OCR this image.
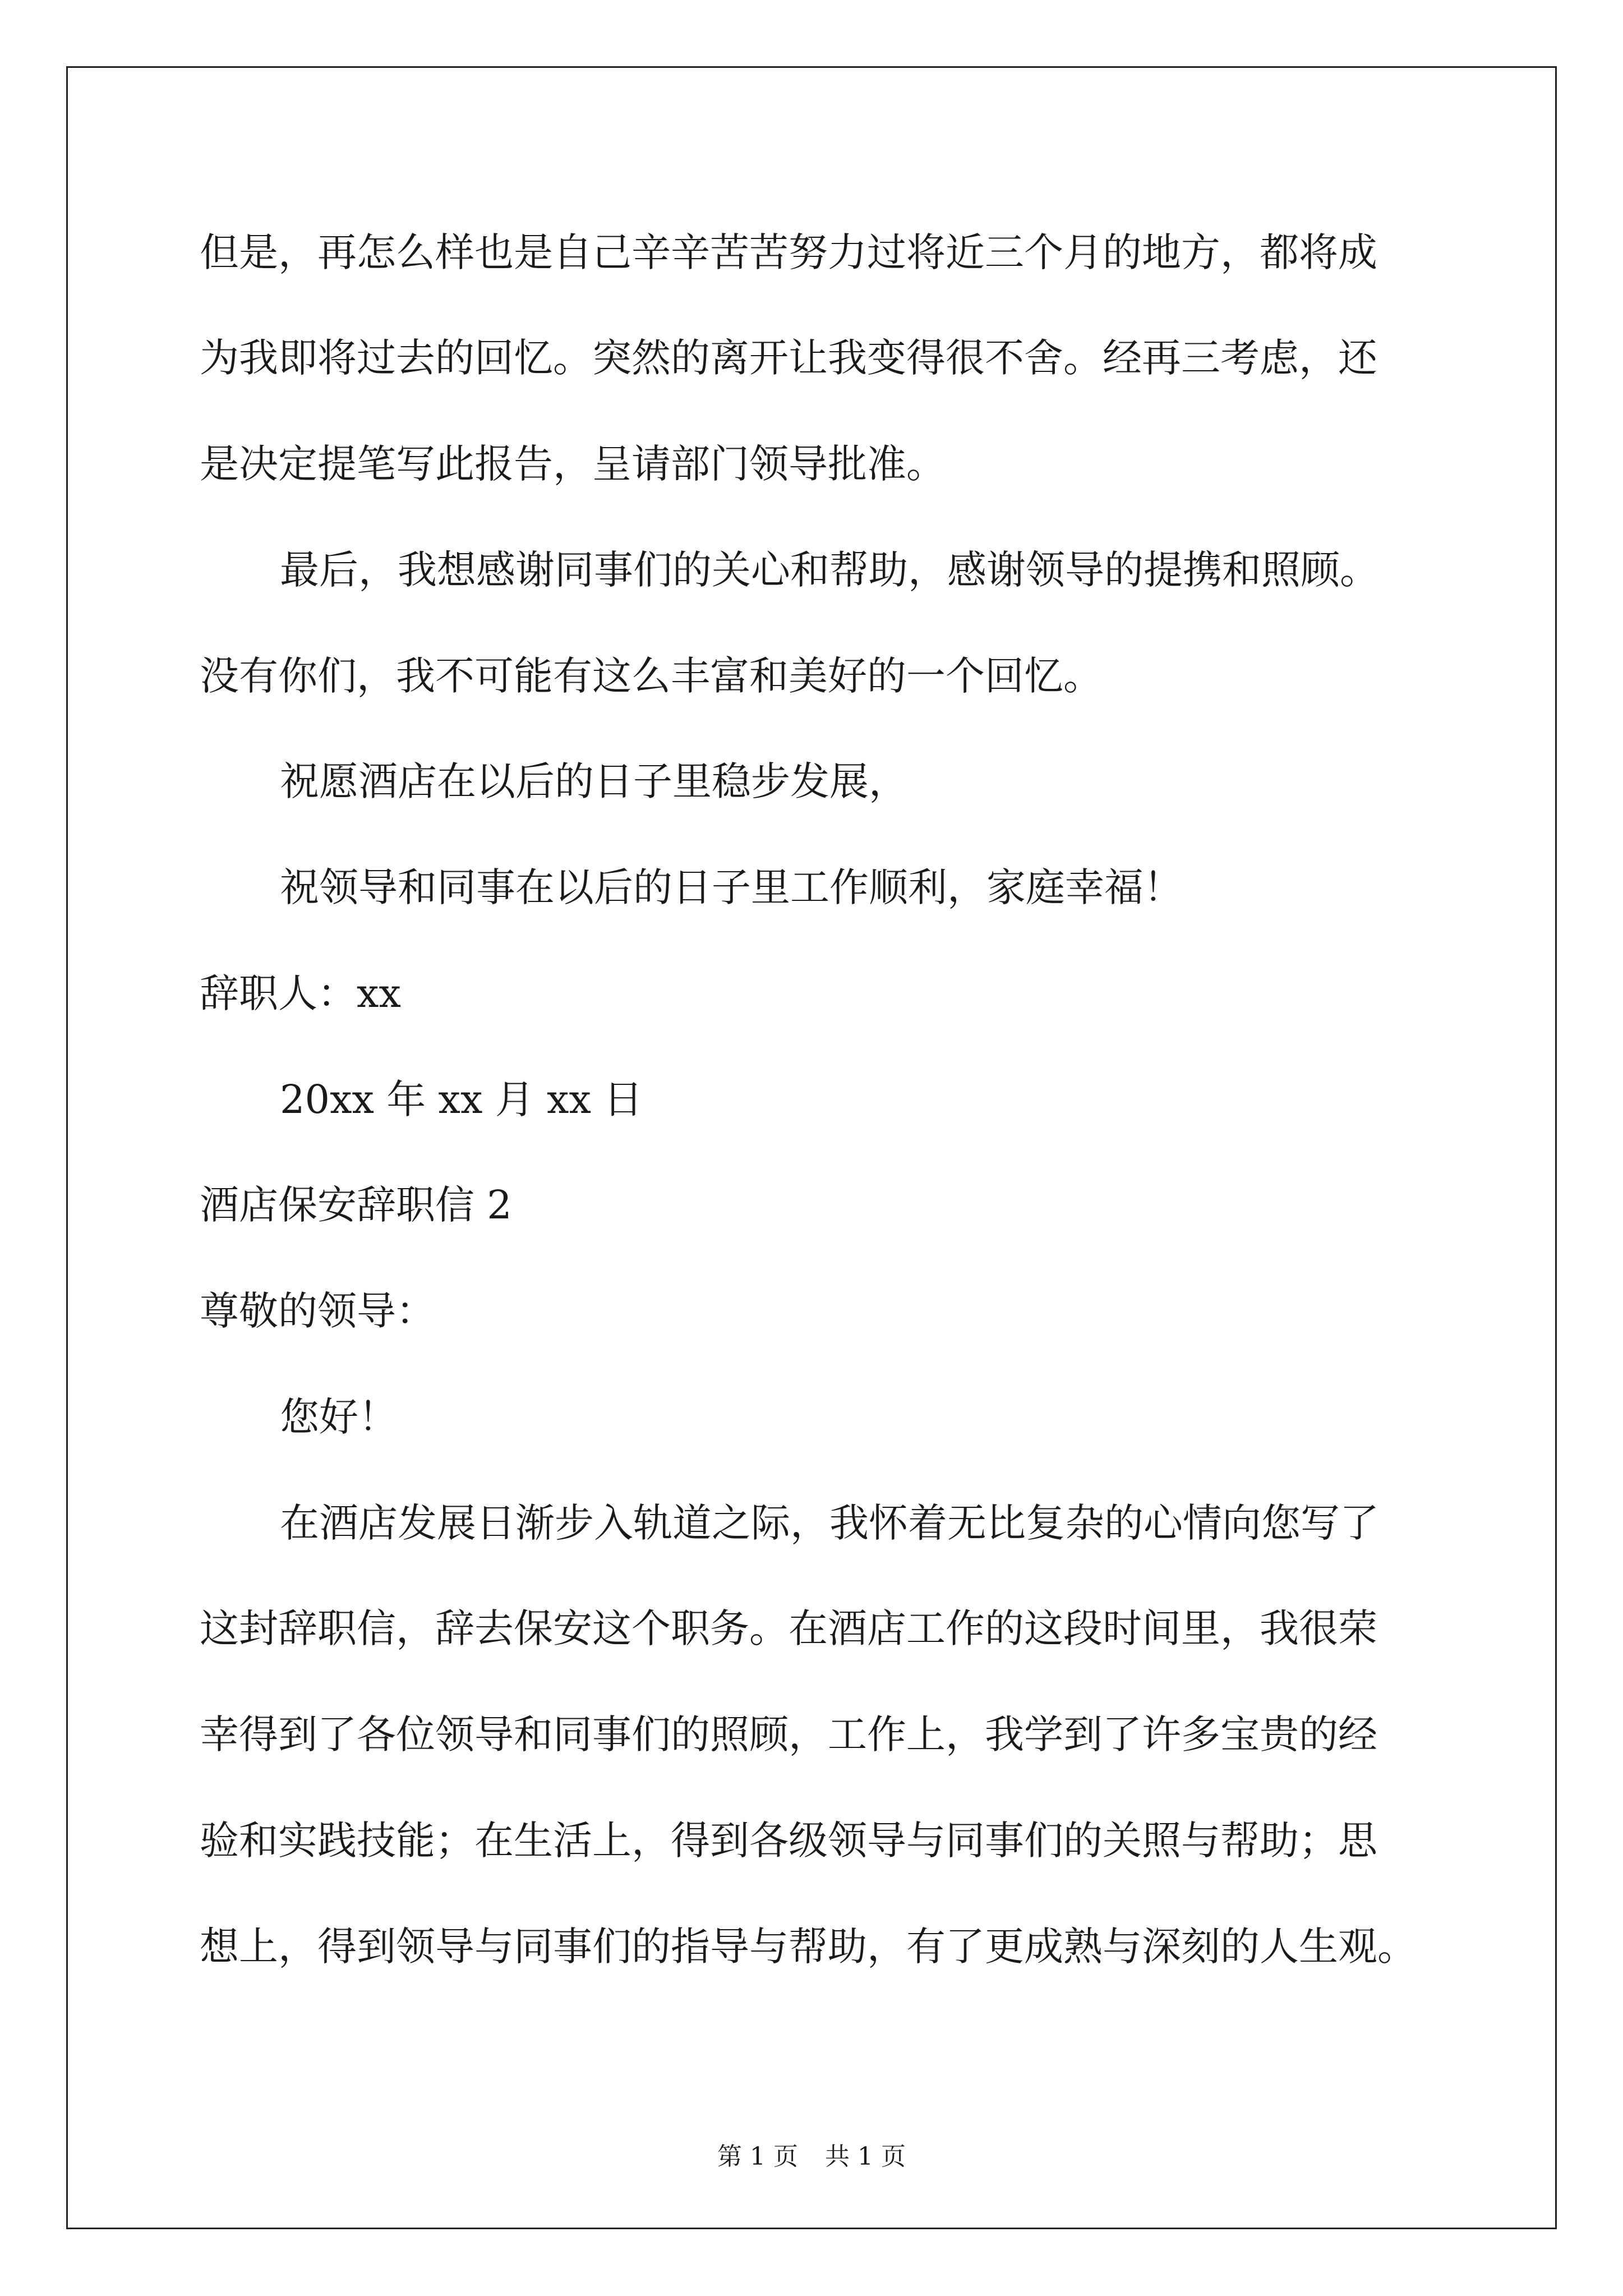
但是，再怎么样也是自己辛辛苦苦努力过将近三个月的地方，都将成
为我即将过去的回忆。突然的离开让我变得很不舍。经再三考虑，还
是决定提笔写此报告，呈请部门领导批准。
最后，我想感谢同事们的关心和帮助，感谢领导的提携和照顾。
没有你们，我不可能有这么丰富和美好的一个回忆。
祝愿酒店在以后的日子里稳步发展，
祝领导和同事在以后的日子里工作顺利，家庭幸福！
辞职人：xx
20xx 年 xx 月 xx 日
酒店保安辞职信 2
尊敬的领导：
您好！
在酒店发展日渐步入轨道之际，我怀着无比复杂的心情向您写了
这封辞职信，辞去保安这个职务。在酒店工作的这段时间里，我很荣
幸得到了各位领导和同事们的照顾，工作上，我学到了许多宝贵的经
验和实践技能；在生活上，得到各级领导与同事们的关照与帮助；思
想上，得到领导与同事们的指导与帮助，有了更成熟与深刻的人生观。
第 1 页 共 1 页
